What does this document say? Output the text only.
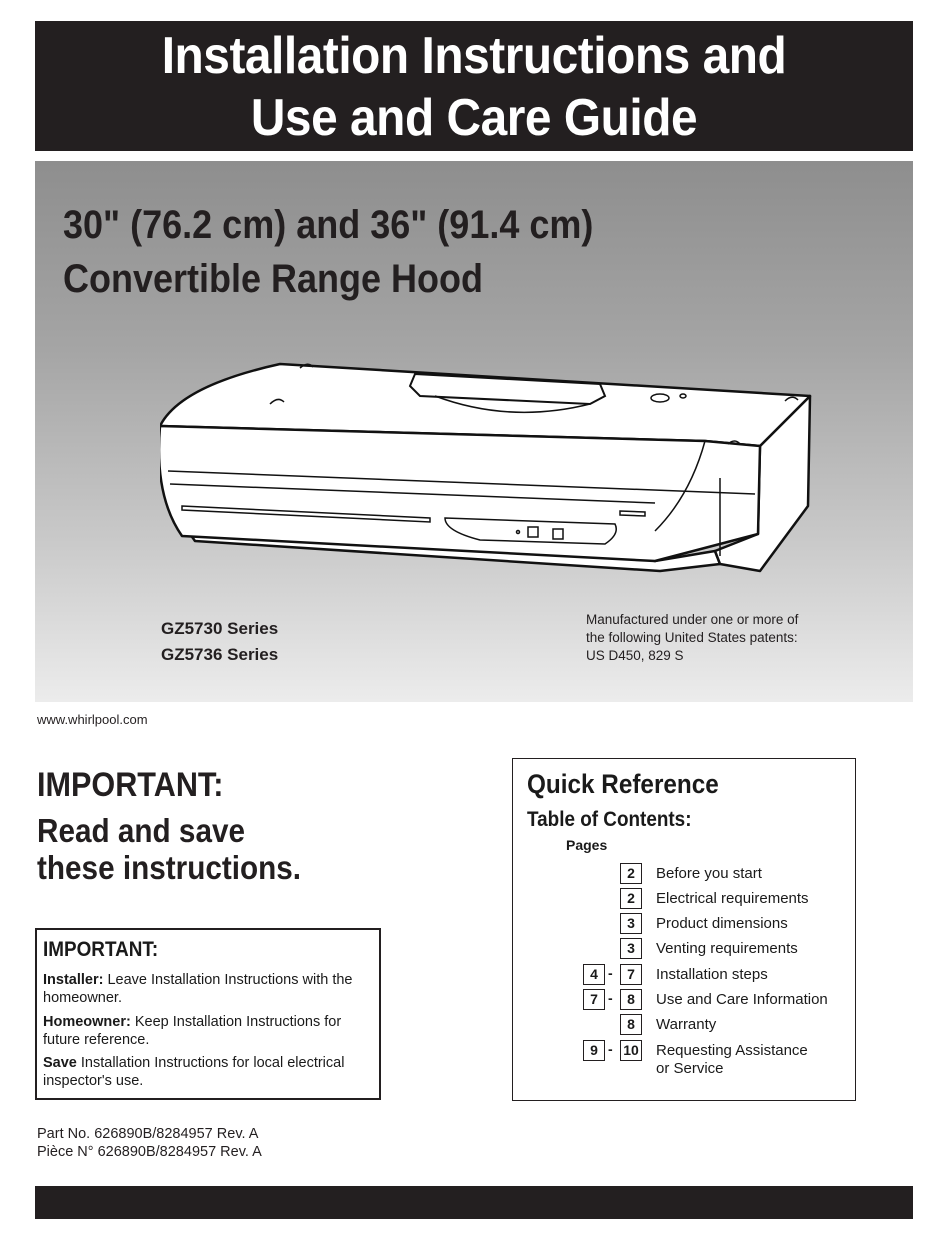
Installation Instructions and
Use and Care Guide
30" (76.2 cm) and 36" (91.4 cm)
Convertible Range Hood
GZ5730 Series
GZ5736 Series
Manufactured under one or more of
the following United States patents:
US D450, 829 S
www.whirlpool.com
IMPORTANT:
Read and save
these instructions.
IMPORTANT:
Installer: Leave Installation Instructions with the homeowner.
Homeowner: Keep Installation Instructions for future reference.
Save Installation Instructions for local electrical inspector's use.
Part No. 626890B/8284957 Rev. A
Pièce N° 626890B/8284957 Rev. A
Quick Reference
Table of Contents:
Pages
2	Before you start
2	Electrical requirements
3	Product dimensions
3	Venting requirements
4 -	7	Installation steps
7 -	8	Use and Care Information
8	Warranty
9 - 10 Requesting Assistance
or Service
